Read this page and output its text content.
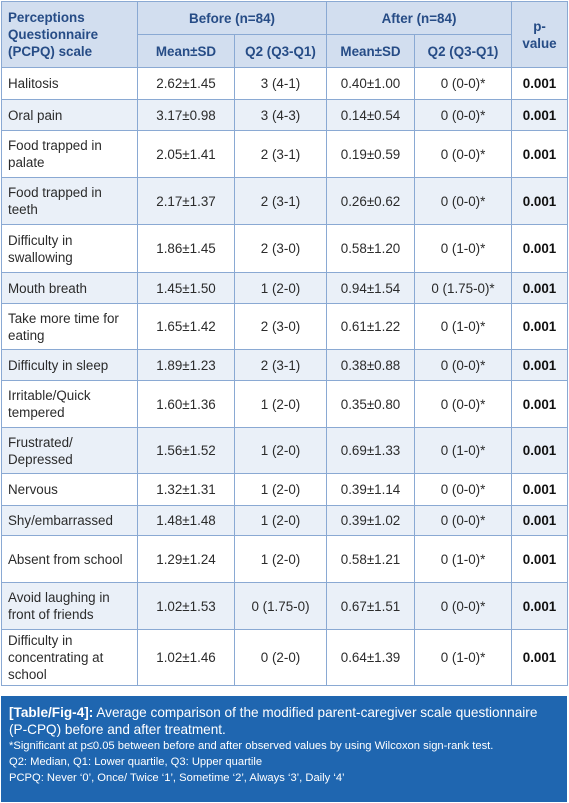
Perceptions Questionnaire (PCPQ) scale	Before (n=84)		After (n=84)		p-value
	Mean±SD	Q2 (Q3-Q1)	Mean±SD	Q2 (Q3-Q1)	
Halitosis	2.62±1.45	3 (4-1)	0.40±1.00	0 (0-0)*	0.001
Oral pain	3.17±0.98	3 (4-3)	0.14±0.54	0 (0-0)*	0.001
Food trapped in palate	2.05±1.41	2 (3-1)	0.19±0.59	0 (0-0)*	0.001
Food trapped in teeth	2.17±1.37	2 (3-1)	0.26±0.62	0 (0-0)*	0.001
Difficulty in swallowing	1.86±1.45	2 (3-0)	0.58±1.20	0 (1-0)*	0.001
Mouth breath	1.45±1.50	1 (2-0)	0.94±1.54	0 (1.75-0)*	0.001
Take more time for eating	1.65±1.42	2 (3-0)	0.61±1.22	0 (1-0)*	0.001
Difficulty in sleep	1.89±1.23	2 (3-1)	0.38±0.88	0 (0-0)*	0.001
Irritable/Quick tempered	1.60±1.36	1 (2-0)	0.35±0.80	0 (0-0)*	0.001
Frustrated/ Depressed	1.56±1.52	1 (2-0)	0.69±1.33	0 (1-0)*	0.001
Nervous	1.32±1.31	1 (2-0)	0.39±1.14	0 (0-0)*	0.001
Shy/embarrassed	1.48±1.48	1 (2-0)	0.39±1.02	0 (0-0)*	0.001
Absent from school	1.29±1.24	1 (2-0)	0.58±1.21	0 (1-0)*	0.001
Avoid laughing in front of friends	1.02±1.53	0 (1.75-0)	0.67±1.51	0 (0-0)*	0.001
Difficulty in concentrating at school	1.02±1.46	0 (2-0)	0.64±1.39	0 (1-0)*	0.001
[Table/Fig-4]: Average comparison of the modified parent-caregiver scale questionnaire (P-CPQ) before and after treatment.
*Significant at p≤0.05 between before and after observed values by using Wilcoxon sign-rank test.
Q2: Median, Q1: Lower quartile, Q3: Upper quartile
PCPQ: Never ‘0’, Once/ Twice ‘1’, Sometime ‘2’, Always ‘3’, Daily ‘4’
